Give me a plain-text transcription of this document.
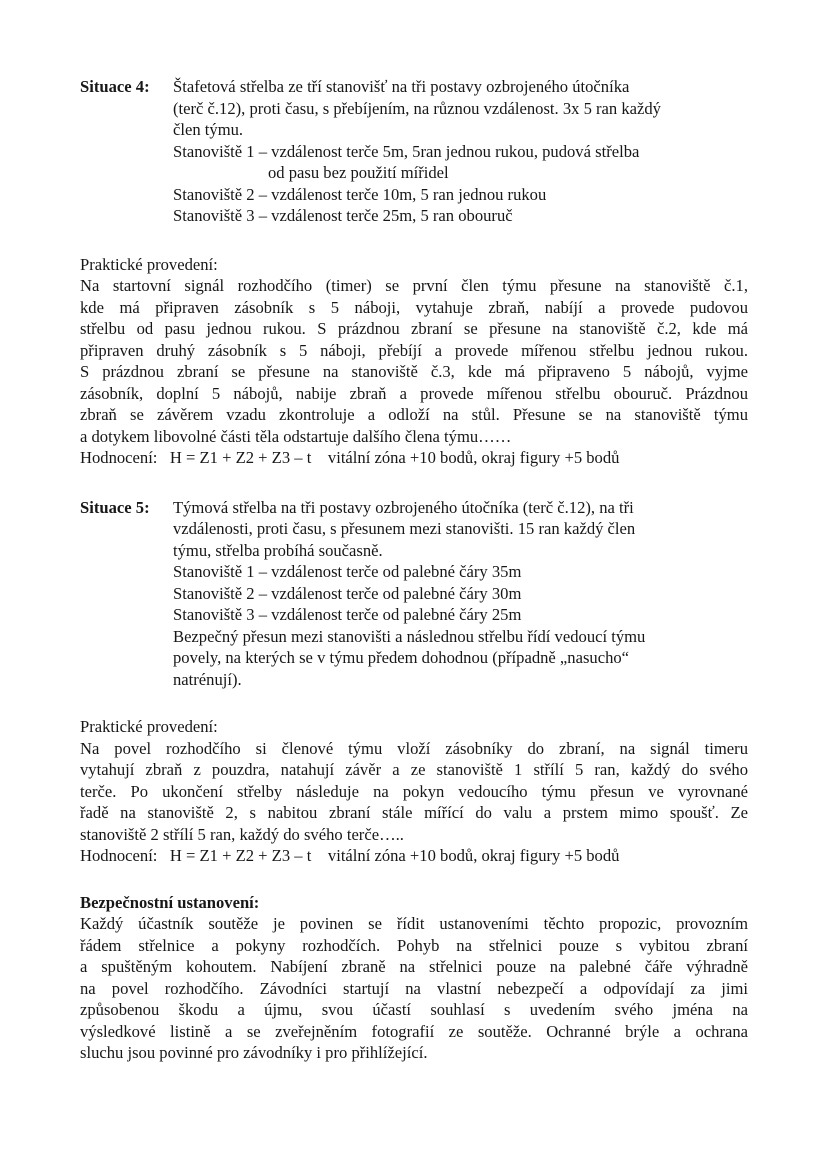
Situace 4:	Štafetová střelba ze tří stanovišť na tři postavy ozbrojeného útočníka
(terč č.12), proti času, s přebíjením, na různou vzdálenost. 3x 5 ran každý
člen týmu.
Stanoviště 1 – vzdálenost terče 5m, 5ran jednou rukou, pudová střelba
od pasu bez použití mířidel
Stanoviště 2 – vzdálenost terče 10m, 5 ran jednou rukou
Stanoviště 3 – vzdálenost terče 25m, 5 ran obouruč
Praktické provedení:
Na startovní signál rozhodčího (timer) se první člen týmu přesune na stanoviště č.1,
kde má připraven zásobník s 5 náboji, vytahuje zbraň, nabíjí a provede pudovou
střelbu od pasu jednou rukou. S prázdnou zbraní se přesune na stanoviště č.2, kde má
připraven druhý zásobník s 5 náboji, přebíjí a provede mířenou střelbu jednou rukou.
S prázdnou zbraní se přesune na stanoviště č.3, kde má připraveno 5 nábojů, vyjme
zásobník, doplní 5 nábojů, nabije zbraň a provede mířenou střelbu obouruč. Prázdnou
zbraň se závěrem vzadu zkontroluje a odloží na stůl. Přesune se na stanoviště týmu
a dotykem libovolné části těla odstartuje dalšího člena týmu……
Hodnocení:   H = Z1 + Z2 + Z3 – t    vitální zóna +10 bodů, okraj figury +5 bodů
Situace 5:	Týmová střelba na tři postavy ozbrojeného útočníka (terč č.12), na tři
vzdálenosti, proti času, s přesunem mezi stanovišti. 15 ran každý člen
týmu, střelba probíhá současně.
Stanoviště 1 – vzdálenost terče od palebné čáry 35m
Stanoviště 2 – vzdálenost terče od palebné čáry 30m
Stanoviště 3 – vzdálenost terče od palebné čáry 25m
Bezpečný přesun mezi stanovišti a následnou střelbu řídí vedoucí týmu
povely, na kterých se v týmu předem dohodnou (případně „nasucho“
natrénují).
Praktické provedení:
Na povel rozhodčího si členové týmu vloží zásobníky do zbraní, na signál timeru
vytahují zbraň z pouzdra, natahují závěr a ze stanoviště 1 střílí 5 ran, každý do svého
terče. Po ukončení střelby následuje na pokyn vedoucího týmu přesun ve vyrovnané
řadě na stanoviště 2, s nabitou zbraní stále mířící do valu a prstem mimo spoušť. Ze
stanoviště 2 střílí 5 ran, každý do svého terče…..
Hodnocení:   H = Z1 + Z2 + Z3 – t    vitální zóna +10 bodů, okraj figury +5 bodů
Bezpečnostní ustanovení:
Každý účastník soutěže je povinen se řídit ustanoveními těchto propozic, provozním
řádem střelnice a pokyny rozhodčích. Pohyb na střelnici pouze s vybitou zbraní
a spuštěným kohoutem. Nabíjení zbraně na střelnici pouze na palebné čáře výhradně
na povel rozhodčího. Závodníci startují na vlastní nebezpečí a odpovídají za jimi
způsobenou škodu a újmu, svou účastí souhlasí s uvedením svého jména na
výsledkové listině a se zveřejněním fotografií ze soutěže. Ochranné brýle a ochrana
sluchu jsou povinné pro závodníky i pro přihlížející.
